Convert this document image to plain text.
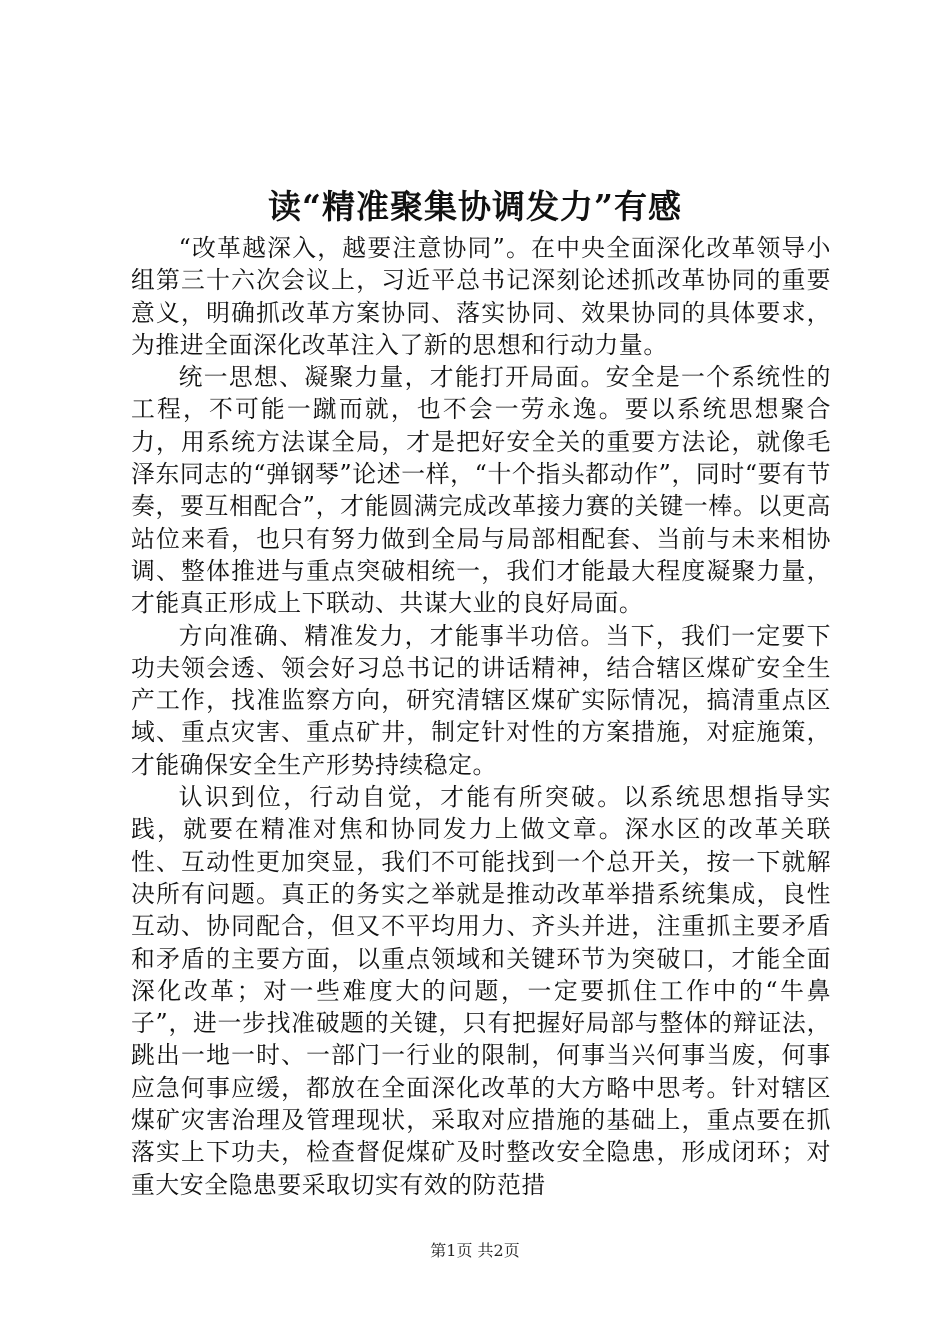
读“精准聚集协调发力”有感

“改革越深入，越要注意协同”。在中央全面深化改革领导小组第三十六次会议上，习近平总书记深刻论述抓改革协同的重要意义，明确抓改革方案协同、落实协同、效果协同的具体要求，为推进全面深化改革注入了新的思想和行动力量。

统一思想、凝聚力量，才能打开局面。安全是一个系统性的工程，不可能一蹴而就，也不会一劳永逸。要以系统思想聚合力，用系统方法谋全局，才是把好安全关的重要方法论，就像毛泽东同志的“弹钢琴”论述一样，“十个指头都动作”，同时“要有节奏，要互相配合”，才能圆满完成改革接力赛的关键一棒。以更高站位来看，也只有努力做到全局与局部相配套、当前与未来相协调、整体推进与重点突破相统一，我们才能最大程度凝聚力量，才能真正形成上下联动、共谋大业的良好局面。

方向准确、精准发力，才能事半功倍。当下，我们一定要下功夫领会透、领会好习总书记的讲话精神，结合辖区煤矿安全生产工作，找准监察方向，研究清辖区煤矿实际情况，搞清重点区域、重点灾害、重点矿井，制定针对性的方案措施，对症施策，才能确保安全生产形势持续稳定。

认识到位，行动自觉，才能有所突破。以系统思想指导实践，就要在精准对焦和协同发力上做文章。深水区的改革关联性、互动性更加突显，我们不可能找到一个总开关，按一下就解决所有问题。真正的务实之举就是推动改革举措系统集成，良性互动、协同配合，但又不平均用力、齐头并进，注重抓主要矛盾和矛盾的主要方面，以重点领域和关键环节为突破口，才能全面深化改革；对一些难度大的问题，一定要抓住工作中的“牛鼻子”，进一步找准破题的关键，只有把握好局部与整体的辩证法，跳出一地一时、一部门一行业的限制，何事当兴何事当废，何事应急何事应缓，都放在全面深化改革的大方略中思考。针对辖区煤矿灾害治理及管理现状，采取对应措施的基础上，重点要在抓落实上下功夫，检查督促煤矿及时整改安全隐患，形成闭环；对重大安全隐患要采取切实有效的防范措

第1页 共2页
